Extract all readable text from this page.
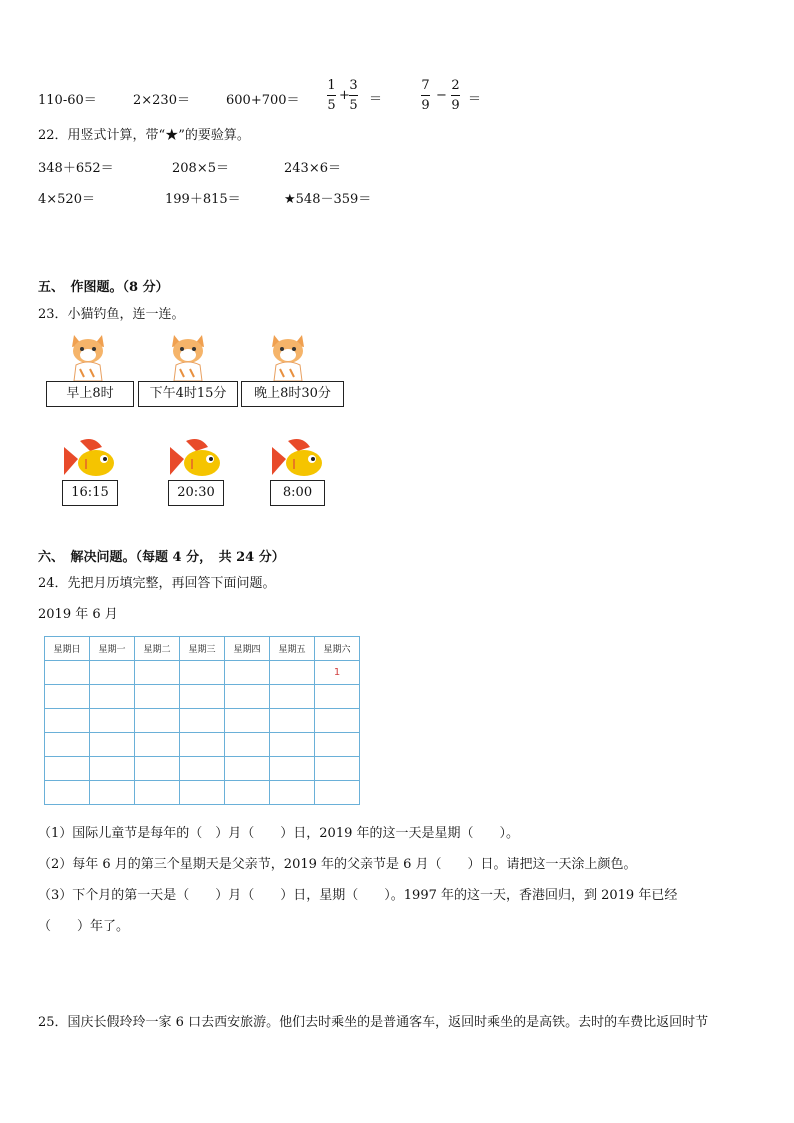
110-60＝	2×230＝	600+700＝
1
5
+
3
5 ＝
7
9
−
2
9 ＝
22．用竖式计算，带“★”的要验算。
348＋652＝	208×5＝	243×6＝
4×520＝	199＋815＝	★548－359＝
五、　作图题。（8 分）
23．小猫钓鱼，连一连。
早上8时	下午4时15分	晚上8时30分
16:15	20:30	8:00
六、　解决问题。（每题 4 分，　共 24 分）
24．先把月历填完整，再回答下面问题。
2019 年 6 月
星期日	星期一	星期二	星期三	星期四	星期五	星期六
						1

（1）国际儿童节是每年的（　）月（　　）日，2019 年的这一天是星期（　　）。
（2）每年 6 月的第三个星期天是父亲节，2019 年的父亲节是 6 月（　　）日。请把这一天涂上颜色。
（3）下个月的第一天是（　　）月（　　）日，星期（　　）。1997 年的这一天，香港回归，到 2019 年已经
（　　）年了。
25．国庆长假玲玲一家 6 口去西安旅游。他们去时乘坐的是普通客车，返回时乘坐的是高铁。去时的车费比返回时节
